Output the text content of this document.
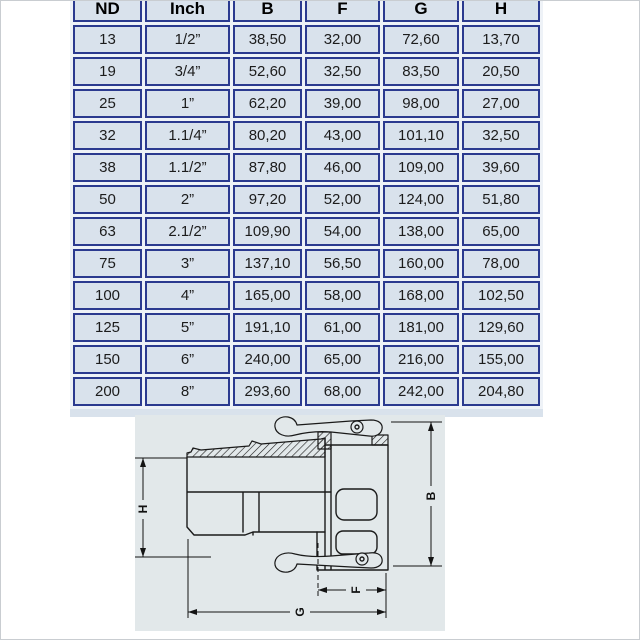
ND	Inch	B	F	G	H
13	1/2”	38,50	32,00	72,60	13,70
19	3/4”	52,60	32,50	83,50	20,50
25	1”	62,20	39,00	98,00	27,00
32	1.1/4”	80,20	43,00	101,10	32,50
38	1.1/2”	87,80	46,00	109,00	39,60
50	2”	97,20	52,00	124,00	51,80
63	2.1/2”	109,90	54,00	138,00	65,00
75	3”	137,10	56,50	160,00	78,00
100	4”	165,00	58,00	168,00	102,50
125	5”	191,10	61,00	181,00	129,60
150	6”	240,00	65,00	216,00	155,00
200	8”	293,60	68,00	242,00	204,80
H
B
F
G
